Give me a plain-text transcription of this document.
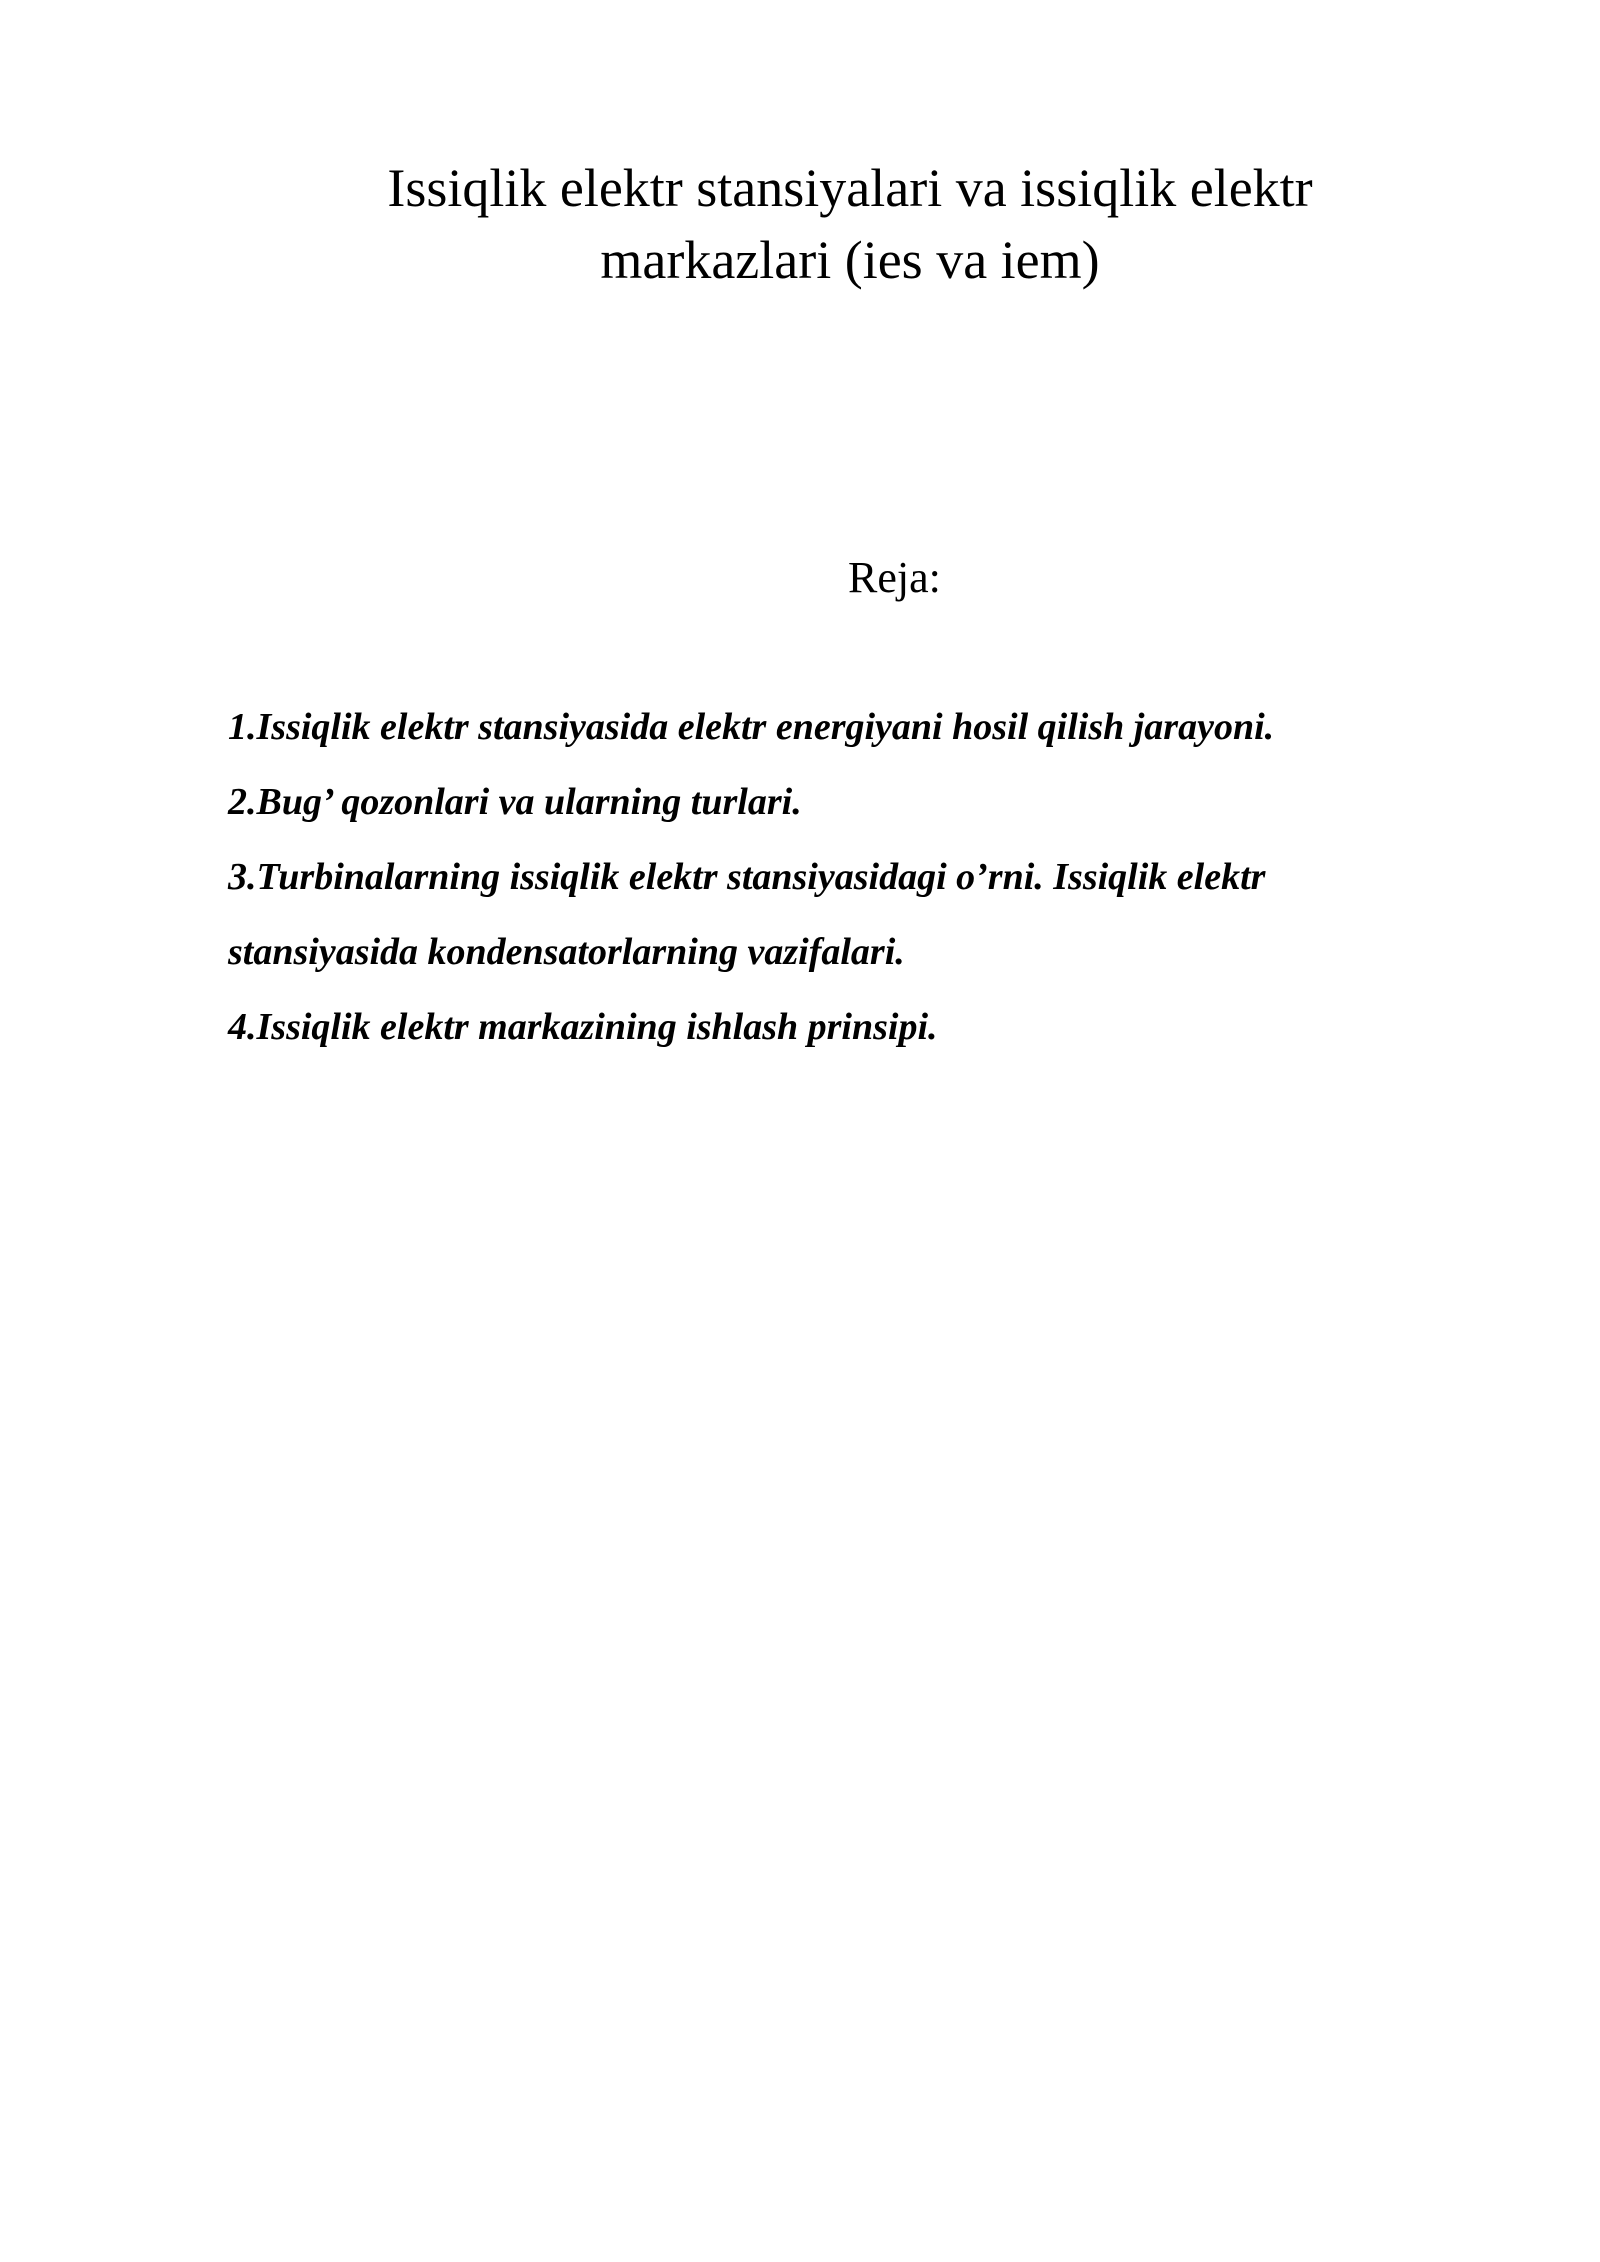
Issiqlik elektr stansiyalari va issiqlik elektr
markazlari (ies va iem)
Reja:
1.Issiqlik elektr stansiyasida elektr energiyani hosil qilish jarayoni.
2.Bug’ qozonlari va ularning turlari.
3.Turbinalarning issiqlik elektr stansiyasidagi o’rni. Issiqlik elektr
stansiyasida kondensatorlarning vazifalari.
4.Issiqlik elektr markazining ishlash prinsipi.
